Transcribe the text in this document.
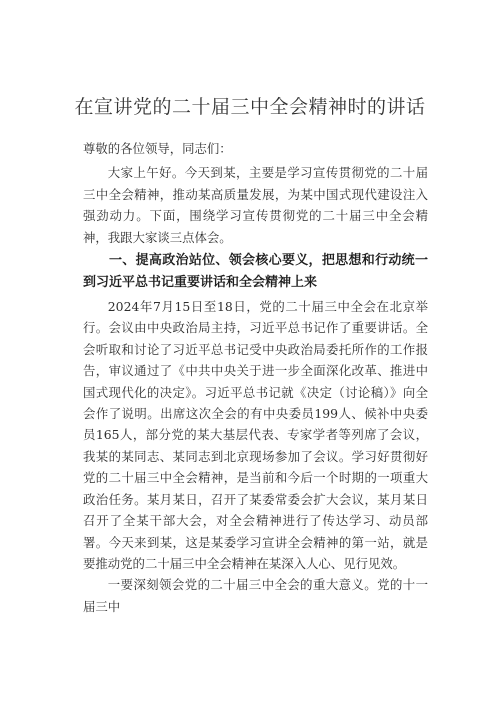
在宣讲党的二十届三中全会精神时的讲话

尊敬的各位领导，同志们：

大家上午好。今天到某，主要是学习宣传贯彻党的二十届三中全会精神，推动某高质量发展，为某中国式现代建设注入强劲动力。下面，围绕学习宣传贯彻党的二十届三中全会精神，我跟大家谈三点体会。

一、提高政治站位、领会核心要义，把思想和行动统一到习近平总书记重要讲话和全会精神上来

2024年7月15日至18日，党的二十届三中全会在北京举行。会议由中央政治局主持，习近平总书记作了重要讲话。全会听取和讨论了习近平总书记受中央政治局委托所作的工作报告，审议通过了《中共中央关于进一步全面深化改革、推进中国式现代化的决定》。习近平总书记就《决定（讨论稿）》向全会作了说明。出席这次全会的有中央委员199人、候补中央委员165人，部分党的某大基层代表、专家学者等列席了会议，我某的某同志、某同志到北京现场参加了会议。学习好贯彻好党的二十届三中全会精神，是当前和今后一个时期的一项重大政治任务。某月某日，召开了某委常委会扩大会议，某月某日召开了全某干部大会，对全会精神进行了传达学习、动员部署。今天来到某，这是某委学习宣讲全会精神的第一站，就是要推动党的二十届三中全会精神在某深入人心、见行见效。

一要深刻领会党的二十届三中全会的重大意义。党的十一届三中
